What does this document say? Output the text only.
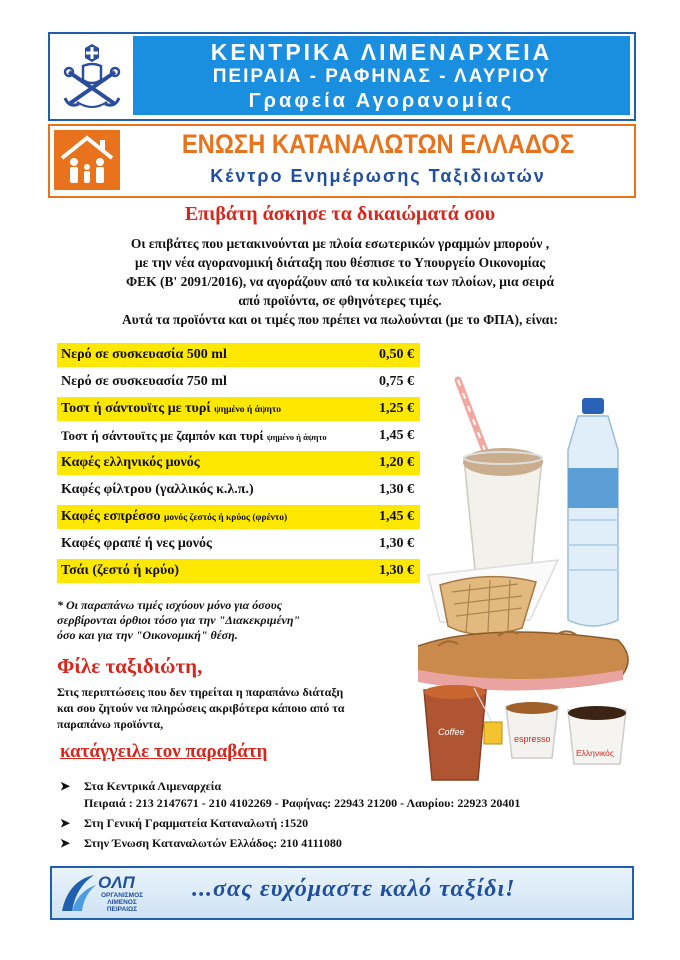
ΚΕΝΤΡΙΚΑ ΛΙΜΕΝΑΡΧΕΙΑ
ΠΕΙΡΑΙΑ - ΡΑΦΗΝΑΣ - ΛΑΥΡΙΟΥ
Γραφεία Αγορανομίας
ΕΝΩΣΗ ΚΑΤΑΝΑΛΩΤΩΝ ΕΛΛΑΔΟΣ
Κέντρο Ενημέρωσης Ταξιδιωτών
Επιβάτη άσκησε τα δικαιώματά σου
Οι επιβάτες που μετακινούνται με πλοία εσωτερικών γραμμών μπορούν ,
με την νέα αγορανομική διάταξη που θέσπισε το Υπουργείο Οικονομίας
ΦΕΚ (Β' 2091/2016), να αγοράζουν από τα κυλικεία των πλοίων, μια σειρά
από προϊόντα, σε φθηνότερες τιμές.
Αυτά τα προϊόντα και οι τιμές που πρέπει να πωλούνται (με το ΦΠΑ), είναι:
Νερό σε συσκευασία 500 ml	0,50 €
Νερό σε συσκευασία 750 ml	0,75 €
Τοστ ή σάντουϊτς με τυρί ψημένο ή άψητο	1,25 €
Τοστ ή σάντουϊτς με ζαμπόν και τυρί ψημένο ή άψητο	1,45 €
Καφές ελληνικός μονός	1,20 €
Καφές φίλτρου (γαλλικός κ.λ.π.)	1,30 €
Καφές εσπρέσσο μονός ζεστός ή κρύος (φρέντο)	1,45 €
Καφές φραπέ ή νες μονός	1,30 €
Τσάι (ζεστό ή κρύο)	1,30 €
Coffee
espresso
Ελληνικός
* Οι παραπάνω τιμές ισχύουν μόνο για όσους
σερβίρονται όρθιοι τόσο για την "Διακεκριμένη"
όσο και για την "Οικονομική" θέση.
Φίλε ταξιδιώτη,
Στις περιπτώσεις που δεν τηρείται η παραπάνω διάταξη
και σου ζητούν να πληρώσεις ακριβότερα κάποιο από τα
παραπάνω προϊόντα,
κατάγγειλε τον παραβάτη
➤ Στα Κεντρικά Λιμεναρχεία
Πειραιά : 213 2147671 - 210 4102269 - Ραφήνας: 22943 21200 - Λαυρίου: 22923 20401
➤ Στη Γενική Γραμματεία Καταναλωτή :1520
➤ Στην Ένωση Καταναλωτών Ελλάδος: 210 4111080
ΟΛΠ
ΟΡΓΑΝΙΣΜΟΣ ΛΙΜΕΝΟΣ ΠΕΙΡΑΙΩΣ
...σας ευχόμαστε καλό ταξίδι!
